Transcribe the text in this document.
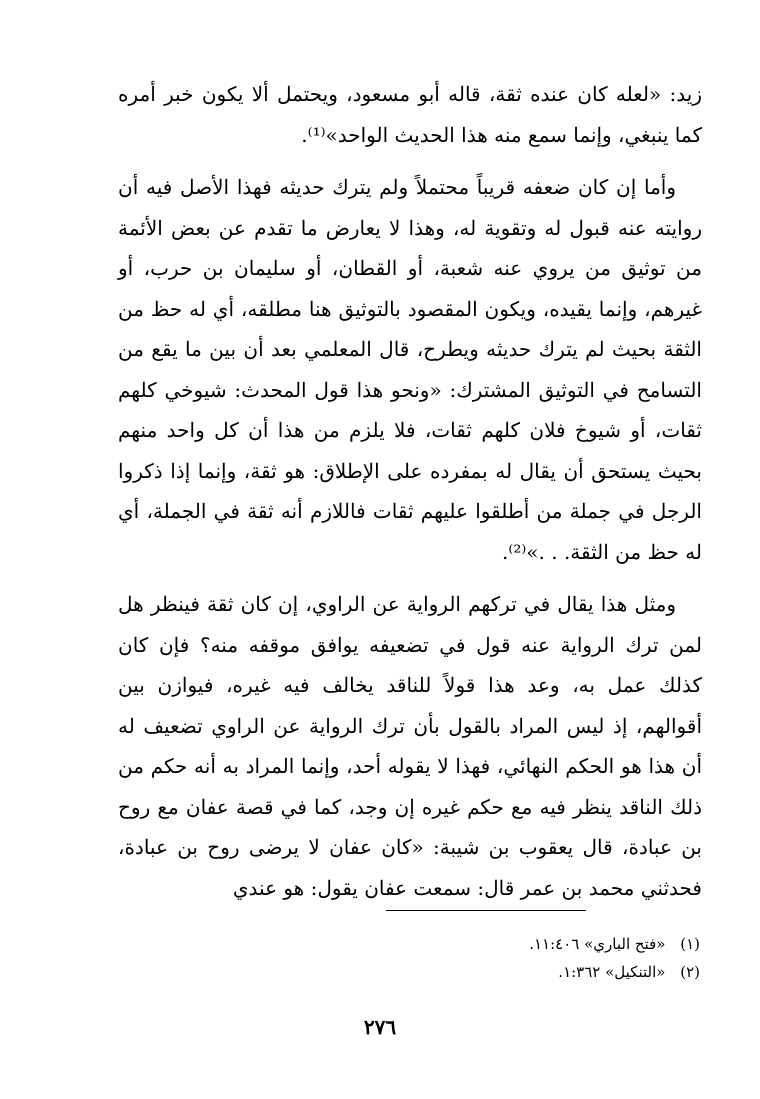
زيد: «لعله كان عنده ثقة، قاله أبو مسعود، ويحتمل ألا يكون خبر أمره كما ينبغي، وإنما سمع منه هذا الحديث الواحد»⁽¹⁾.

وأما إن كان ضعفه قريباً محتملاً ولم يترك حديثه فهذا الأصل فيه أن روايته عنه قبول له وتقوية له، وهذا لا يعارض ما تقدم عن بعض الأئمة من توثيق من يروي عنه شعبة، أو القطان، أو سليمان بن حرب، أو غيرهم، وإنما يقيده، ويكون المقصود بالتوثيق هنا مطلقه، أي له حظ من الثقة بحيث لم يترك حديثه ويطرح، قال المعلمي بعد أن بين ما يقع من التسامح في التوثيق المشترك: «ونحو هذا قول المحدث: شيوخي كلهم ثقات، أو شيوخ فلان كلهم ثقات، فلا يلزم من هذا أن كل واحد منهم بحيث يستحق أن يقال له بمفرده على الإطلاق: هو ثقة، وإنما إذا ذكروا الرجل في جملة من أطلقوا عليهم ثقات فاللازم أنه ثقة في الجملة، أي له حظ من الثقة. . .»⁽²⁾.

ومثل هذا يقال في تركهم الرواية عن الراوي، إن كان ثقة فينظر هل لمن ترك الرواية عنه قول في تضعيفه يوافق موقفه منه؟ فإن كان كذلك عمل به، وعد هذا قولاً للناقد يخالف فيه غيره، فيوازن بين أقوالهم، إذ ليس المراد بالقول بأن ترك الرواية عن الراوي تضعيف له أن هذا هو الحكم النهائي، فهذا لا يقوله أحد، وإنما المراد به أنه حكم من ذلك الناقد ينظر فيه مع حكم غيره إن وجد، كما في قصة عفان مع روح بن عبادة، قال يعقوب بن شيبة: «كان عفان لا يرضى روح بن عبادة، فحدثني محمد بن عمر قال: سمعت عفان يقول: هو عندي

(١) «فتح الباري» ١١:٤٠٦.
(٢) «التنكيل» ١:٣٦٢.
٢٧٦
